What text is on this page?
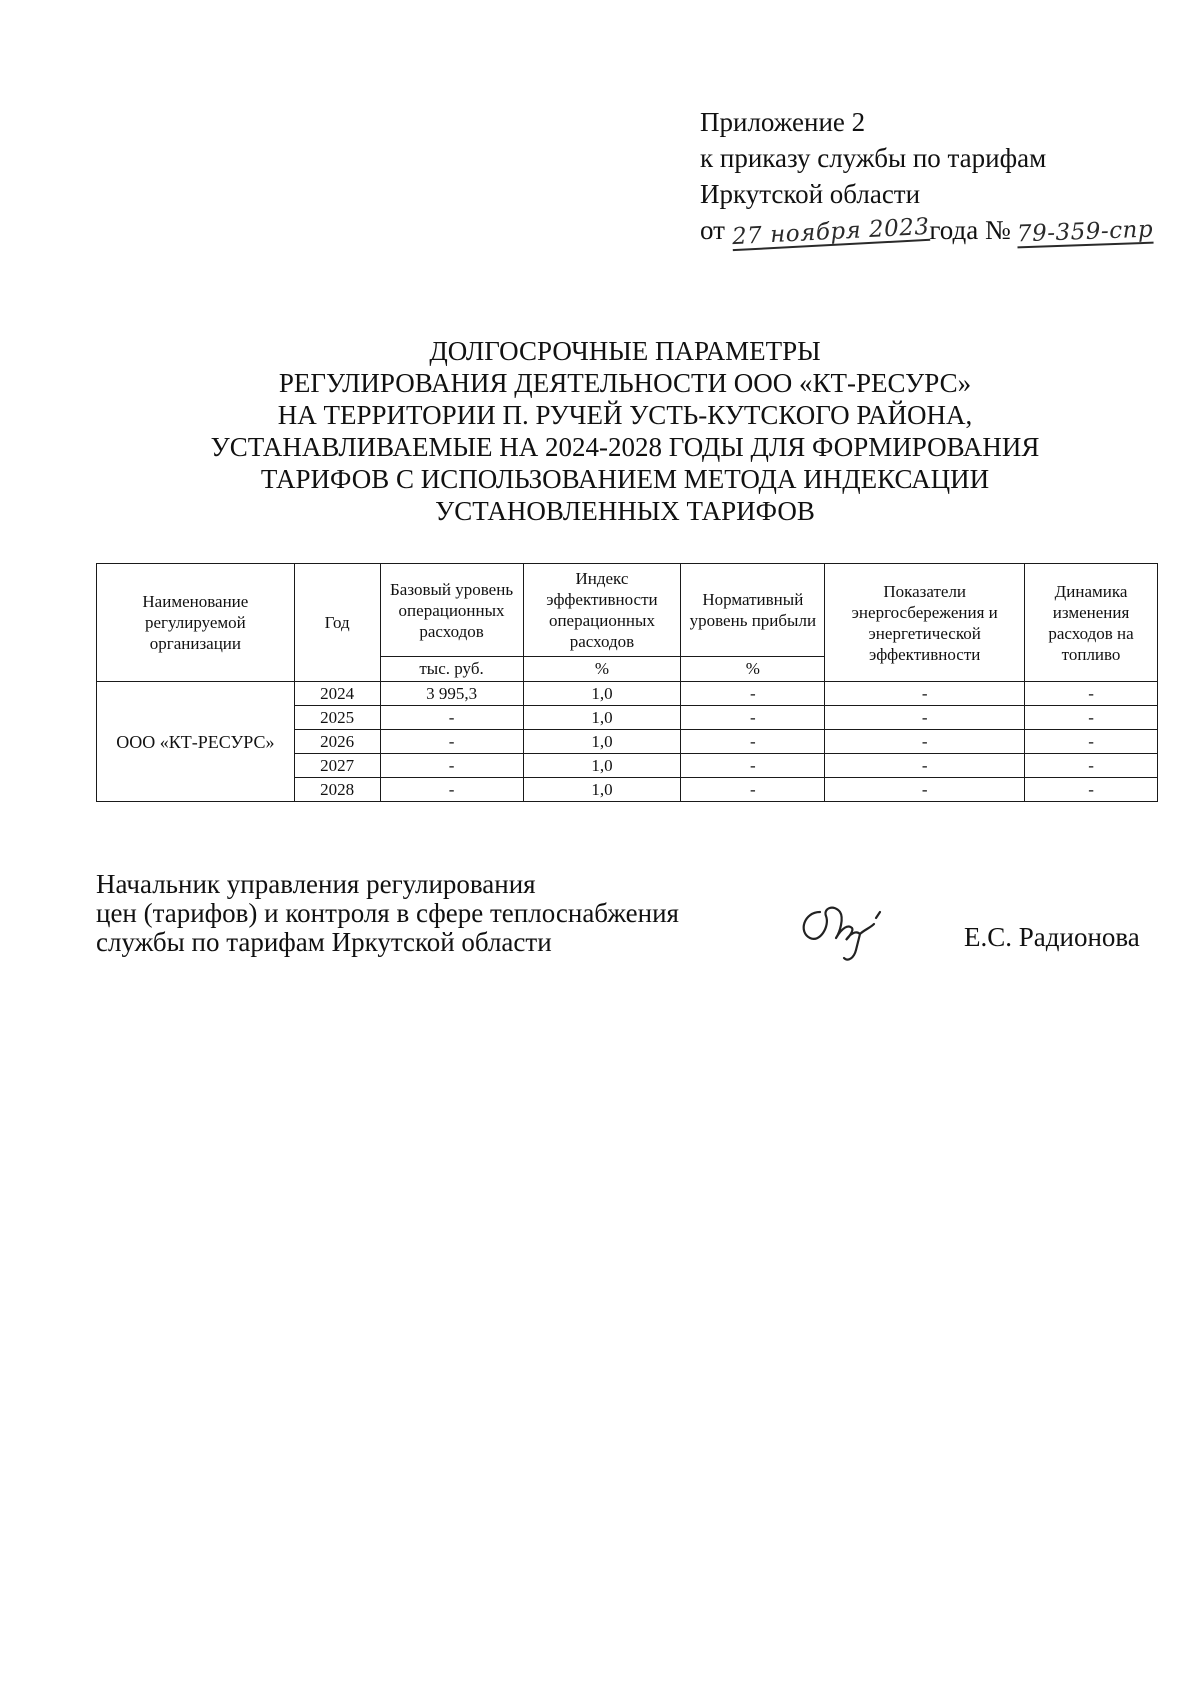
Приложение 2
к приказу службы по тарифам
Иркутской области
от 27 ноября 2023года № 79-359-спр
ДОЛГОСРОЧНЫЕ ПАРАМЕТРЫ
РЕГУЛИРОВАНИЯ ДЕЯТЕЛЬНОСТИ ООО «КТ-РЕСУРС»
НА ТЕРРИТОРИИ П. РУЧЕЙ УСТЬ-КУТСКОГО РАЙОНА,
УСТАНАВЛИВАЕМЫЕ НА 2024-2028 ГОДЫ ДЛЯ ФОРМИРОВАНИЯ
ТАРИФОВ С ИСПОЛЬЗОВАНИЕМ МЕТОДА ИНДЕКСАЦИИ
УСТАНОВЛЕННЫХ ТАРИФОВ
Наименование регулируемой организации	Год	Базовый уровень операционных расходов	Индекс эффективности операционных расходов	Нормативный уровень прибыли	Показатели энергосбережения и энергетической эффективности	Динамика изменения расходов на топливо
		тыс. руб.	%	%		
ООО «КТ-РЕСУРС»	2024	3 995,3	1,0	-	-	-
	2025	-	1,0	-	-	-
	2026	-	1,0	-	-	-
	2027	-	1,0	-	-	-
	2028	-	1,0	-	-	-
Начальник управления регулирования
цен (тарифов) и контроля в сфере теплоснабжения
службы по тарифам Иркутской области	Е.С. Радионова
